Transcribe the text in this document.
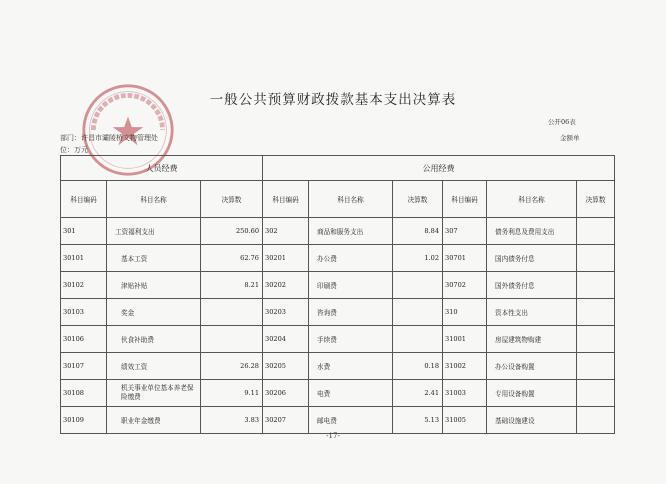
一般公共预算财政拨款基本支出决算表
公开06表
部门：许昌市灞陵桥文物管理处	金额单
位：万元
人员经费			公用经费					
科目编码	科目名称	决算数	科目编码	科目名称	决算数	科目编码	科目名称	决算数
301	工资福利支出	250.60	302	商品和服务支出	8.84	307	债务利息及费用支出	
30101	基本工资	62.76	30201	办公费	1.02	30701	国内债务付息	
30102	津贴补贴	8.21	30202	印刷费		30702	国外债务付息	
30103	奖金		30203	咨询费		310	资本性支出	
30106	伙食补助费		30204	手续费		31001	房屋建筑物购建	
30107	绩效工资	26.28	30205	水费	0.18	31002	办公设备购置	
30108	机关事业单位基本养老保险缴费	9.11	30206	电费	2.41	31003	专用设备购置	
30109	职业年金缴费	3.83	30207	邮电费	5.13	31005	基础设施建设	
-17-
